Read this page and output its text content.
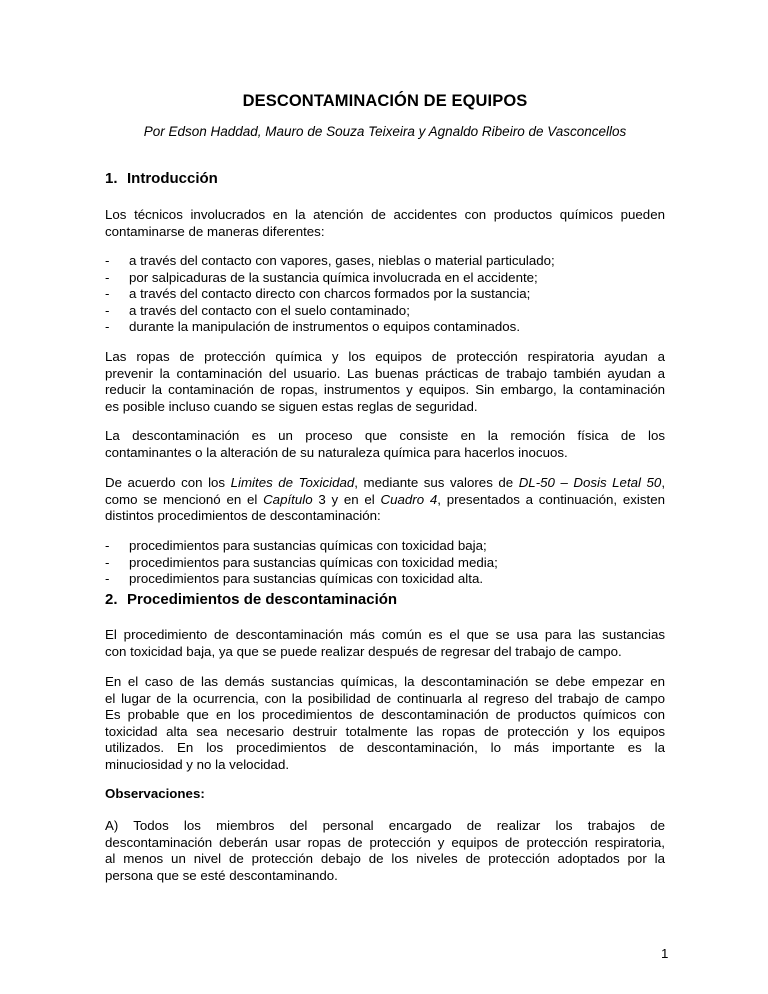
DESCONTAMINACIÓN DE EQUIPOS
Por Edson Haddad, Mauro de Souza Teixeira y Agnaldo Ribeiro de Vasconcellos
1. Introducción
Los técnicos involucrados en la atención de accidentes con productos químicos pueden
contaminarse de maneras diferentes:
- a través del contacto con vapores, gases, nieblas o material particulado;
- por salpicaduras de la sustancia química involucrada en el accidente;
- a través del contacto directo con charcos formados por la sustancia;
- a través del contacto con el suelo contaminado;
- durante la manipulación de instrumentos o equipos contaminados.
Las ropas de protección química y los equipos de protección respiratoria ayudan a
prevenir la contaminación del usuario. Las buenas prácticas de trabajo también ayudan a
reducir la contaminación de ropas, instrumentos y equipos. Sin embargo, la contaminación
es posible incluso cuando se siguen estas reglas de seguridad.
La descontaminación es un proceso que consiste en la remoción física de los
contaminantes o la alteración de su naturaleza química para hacerlos inocuos.
De acuerdo con los Limites de Toxicidad, mediante sus valores de DL-50 – Dosis Letal 50,
como se mencionó en el Capítulo 3 y en el Cuadro 4, presentados a continuación, existen
distintos procedimientos de descontaminación:
- procedimientos para sustancias químicas con toxicidad baja;
- procedimientos para sustancias químicas con toxicidad media;
- procedimientos para sustancias químicas con toxicidad alta.
2. Procedimientos de descontaminación
El procedimiento de descontaminación más común es el que se usa para las sustancias
con toxicidad baja, ya que se puede realizar después de regresar del trabajo de campo.
En el caso de las demás sustancias químicas, la descontaminación se debe empezar en
el lugar de la ocurrencia, con la posibilidad de continuarla al regreso del trabajo de campo
Es probable que en los procedimientos de descontaminación de productos químicos con
toxicidad alta sea necesario destruir totalmente las ropas de protección y los equipos
utilizados. En los procedimientos de descontaminación, lo más importante es la
minuciosidad y no la velocidad.
Observaciones:
A) Todos los miembros del personal encargado de realizar los trabajos de
descontaminación deberán usar ropas de protección y equipos de protección respiratoria,
al menos un nivel de protección debajo de los niveles de protección adoptados por la
persona que se esté descontaminando.
1
